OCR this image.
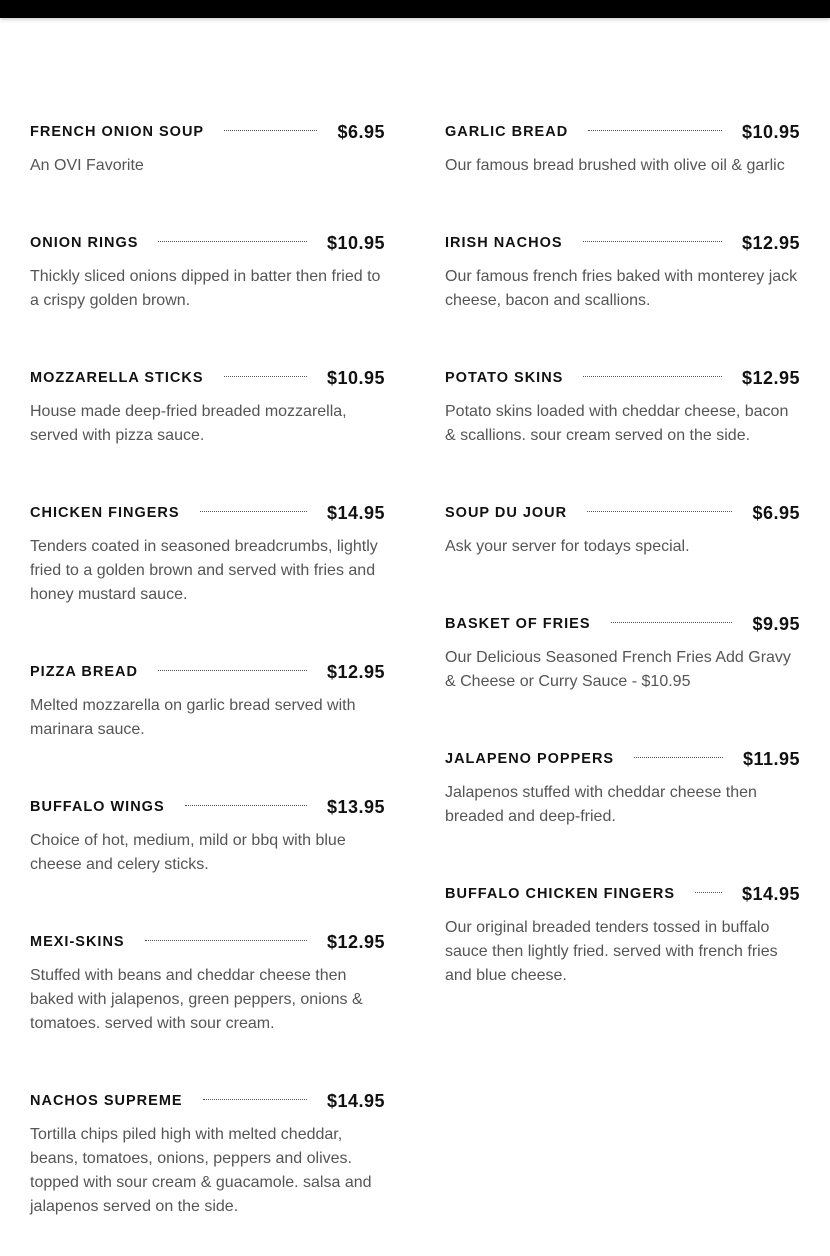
FRENCH ONION SOUP	$6.95
An OVI Favorite
ONION RINGS	$10.95
Thickly sliced onions dipped in batter then fried to a crispy golden brown.
MOZZARELLA STICKS	$10.95
House made deep-fried breaded mozzarella, served with pizza sauce.
CHICKEN FINGERS	$14.95
Tenders coated in seasoned breadcrumbs, lightly fried to a golden brown and served with fries and honey mustard sauce.
PIZZA BREAD	$12.95
Melted mozzarella on garlic bread served with marinara sauce.
BUFFALO WINGS	$13.95
Choice of hot, medium, mild or bbq with blue cheese and celery sticks.
MEXI-SKINS	$12.95
Stuffed with beans and cheddar cheese then baked with jalapenos, green peppers, onions & tomatoes. served with sour cream.
NACHOS SUPREME	$14.95
Tortilla chips piled high with melted cheddar, beans, tomatoes, onions, peppers and olives. topped with sour cream & guacamole. salsa and jalapenos served on the side.
GARLIC BREAD	$10.95
Our famous bread brushed with olive oil & garlic
IRISH NACHOS	$12.95
Our famous french fries baked with monterey jack cheese, bacon and scallions.
POTATO SKINS	$12.95
Potato skins loaded with cheddar cheese, bacon & scallions. sour cream served on the side.
SOUP DU JOUR	$6.95
Ask your server for todays special.
BASKET OF FRIES	$9.95
Our Delicious Seasoned French Fries Add Gravy & Cheese or Curry Sauce - $10.95
JALAPENO POPPERS	$11.95
Jalapenos stuffed with cheddar cheese then breaded and deep-fried.
BUFFALO CHICKEN FINGERS	$14.95
Our original breaded tenders tossed in buffalo sauce then lightly fried. served with french fries and blue cheese.
